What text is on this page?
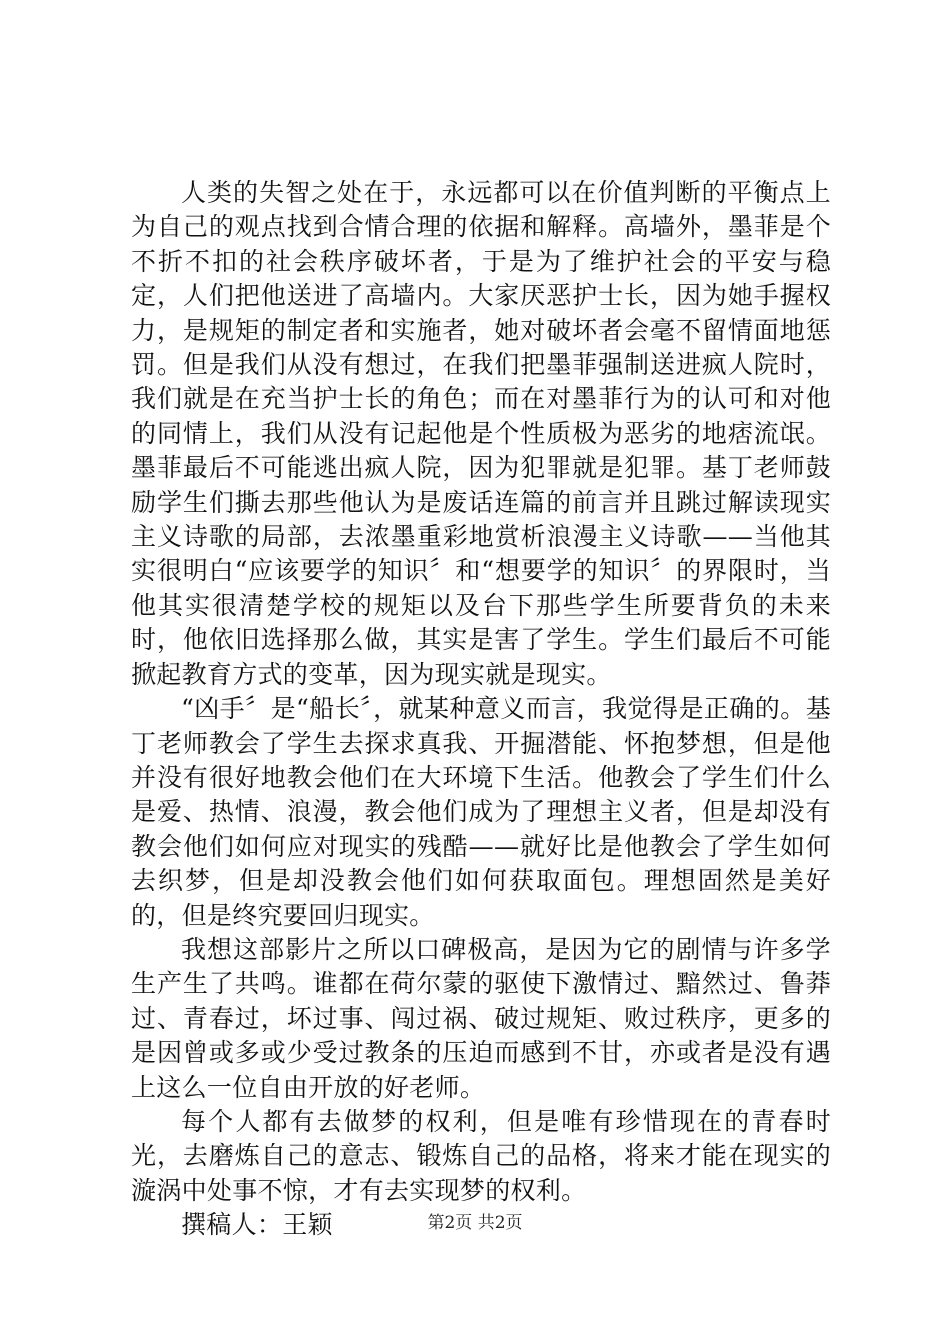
人类的失智之处在于，永远都可以在价值判断的平衡点上为自己的观点找到合情合理的依据和解释。高墙外，墨菲是个不折不扣的社会秩序破坏者，于是为了维护社会的平安与稳定，人们把他送进了高墙内。大家厌恶护士长，因为她手握权力，是规矩的制定者和实施者，她对破坏者会毫不留情面地惩罚。但是我们从没有想过，在我们把墨菲强制送进疯人院时，我们就是在充当护士长的角色；而在对墨菲行为的认可和对他的同情上，我们从没有记起他是个性质极为恶劣的地痞流氓。墨菲最后不可能逃出疯人院，因为犯罪就是犯罪。基丁老师鼓励学生们撕去那些他认为是废话连篇的前言并且跳过解读现实主义诗歌的局部，去浓墨重彩地赏析浪漫主义诗歌——当他其实很明白“应该要学的知识〞和“想要学的知识〞的界限时，当他其实很清楚学校的规矩以及台下那些学生所要背负的未来时，他依旧选择那么做，其实是害了学生。学生们最后不可能掀起教育方式的变革，因为现实就是现实。

“凶手〞是“船长〞，就某种意义而言，我觉得是正确的。基丁老师教会了学生去探求真我、开掘潜能、怀抱梦想，但是他并没有很好地教会他们在大环境下生活。他教会了学生们什么是爱、热情、浪漫，教会他们成为了理想主义者，但是却没有教会他们如何应对现实的残酷——就好比是他教会了学生如何去织梦，但是却没教会他们如何获取面包。理想固然是美好的，但是终究要回归现实。

我想这部影片之所以口碑极高，是因为它的剧情与许多学生产生了共鸣。谁都在荷尔蒙的驱使下激情过、黯然过、鲁莽过、青春过，坏过事、闯过祸、破过规矩、败过秩序，更多的是因曾或多或少受过教条的压迫而感到不甘，亦或者是没有遇上这么一位自由开放的好老师。

每个人都有去做梦的权利，但是唯有珍惜现在的青春时光，去磨炼自己的意志、锻炼自己的品格，将来才能在现实的漩涡中处事不惊，才有去实现梦的权利。

撰稿人：王颖	第2页 共2页
